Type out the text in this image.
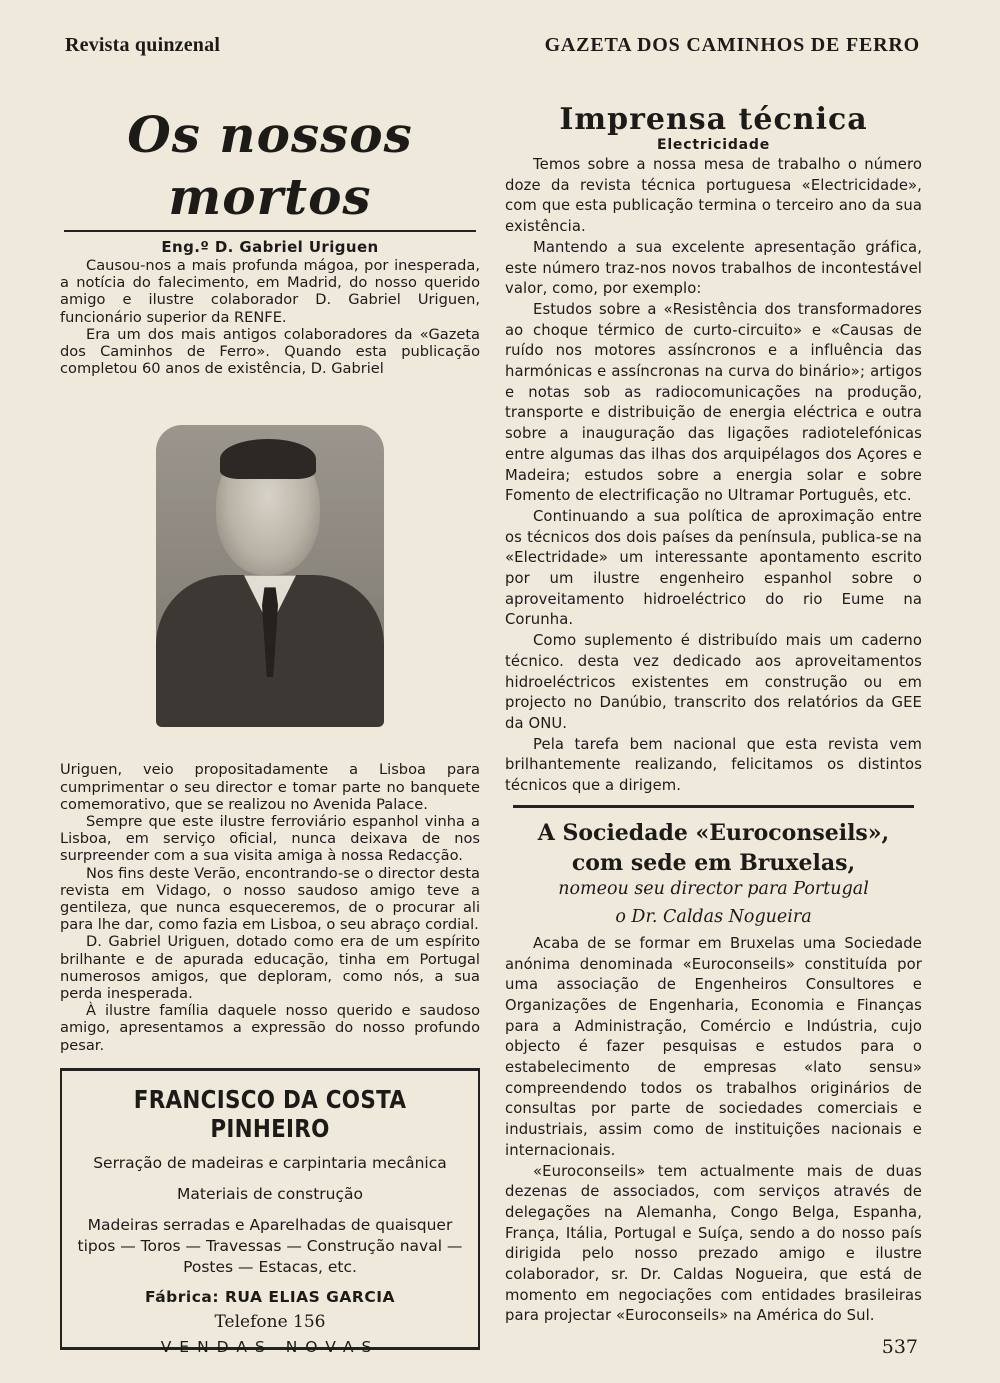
Revista quinzenal	GAZETA DOS CAMINHOS DE FERRO
Os nossos mortos
Eng.º D. Gabriel Uriguen

Causou-nos a mais profunda mágoa, por inesperada, a notícia do falecimento, em Madrid, do nosso querido amigo e ilustre colaborador D. Gabriel Uriguen, funcionário superior da RENFE.

Era um dos mais antigos colaboradores da «Gazeta dos Caminhos de Ferro». Quando esta publicação completou 60 anos de existência, D. Gabriel

Uriguen, veio propositadamente a Lisboa para cumprimentar o seu director e tomar parte no banquete comemorativo, que se realizou no Avenida Palace.

Sempre que este ilustre ferroviário espanhol vinha a Lisboa, em serviço oficial, nunca deixava de nos surpreender com a sua visita amiga à nossa Redacção.

Nos fins deste Verão, encontrando-se o director desta revista em Vidago, o nosso saudoso amigo teve a gentileza, que nunca esqueceremos, de o procurar ali para lhe dar, como fazia em Lisboa, o seu abraço cordial.

D. Gabriel Uriguen, dotado como era de um espírito brilhante e de apurada educação, tinha em Portugal numerosos amigos, que deploram, como nós, a sua perda inesperada.

À ilustre família daquele nosso querido e saudoso amigo, apresentamos a expressão do nosso profundo pesar.

FRANCISCO DA COSTA PINHEIRO

Serração de madeiras e carpintaria mecânica

Materiais de construção

Madeiras serradas e Aparelhadas de quaisquer tipos — Toros — Travessas — Construção naval — Postes — Estacas, etc.

Fábrica: RUA ELIAS GARCIA
Telefone 156
VENDAS NOVAS
Imprensa técnica
Electricidade

Temos sobre a nossa mesa de trabalho o número doze da revista técnica portuguesa «Electricidade», com que esta publicação termina o terceiro ano da sua existência.

Mantendo a sua excelente apresentação gráfica, este número traz-nos novos trabalhos de incontestável valor, como, por exemplo:

Estudos sobre a «Resistência dos transformadores ao choque térmico de curto-circuito» e «Causas de ruído nos motores assíncronos e a influência das harmónicas e assíncronas na curva do binário»; artigos e notas sob as radiocomunicações na produção, transporte e distribuição de energia eléctrica e outra sobre a inauguração das ligações radiotelefónicas entre algumas das ilhas dos arquipélagos dos Açores e Madeira; estudos sobre a energia solar e sobre Fomento de electrificação no Ultramar Português, etc.

Continuando a sua política de aproximação entre os técnicos dos dois países da península, publica-se na «Electridade» um interessante apontamento escrito por um ilustre engenheiro espanhol sobre o aproveitamento hidroeléctrico do rio Eume na Corunha.

Como suplemento é distribuído mais um caderno técnico. desta vez dedicado aos aproveitamentos hidroeléctricos existentes em construção ou em projecto no Danúbio, transcrito dos relatórios da GEE da ONU.

Pela tarefa bem nacional que esta revista vem brilhantemente realizando, felicitamos os distintos técnicos que a dirigem.

A Sociedade «Euroconseils»,

com sede em Bruxelas,

nomeou seu director para Portugal

o Dr. Caldas Nogueira

Acaba de se formar em Bruxelas uma Sociedade anónima denominada «Euroconseils» constituída por uma associação de Engenheiros Consultores e Organizações de Engenharia, Economia e Finanças para a Administração, Comércio e Indústria, cujo objecto é fazer pesquisas e estudos para o estabelecimento de empresas «lato sensu» compreendendo todos os trabalhos originários de consultas por parte de sociedades comerciais e industriais, assim como de instituições nacionais e internacionais.

«Euroconseils» tem actualmente mais de duas dezenas de associados, com serviços através de delegações na Alemanha, Congo Belga, Espanha, França, Itália, Portugal e Suíça, sendo a do nosso país dirigida pelo nosso prezado amigo e ilustre colaborador, sr. Dr. Caldas Nogueira, que está de momento em negociações com entidades brasileiras para projectar «Euroconseils» na América do Sul.

537
